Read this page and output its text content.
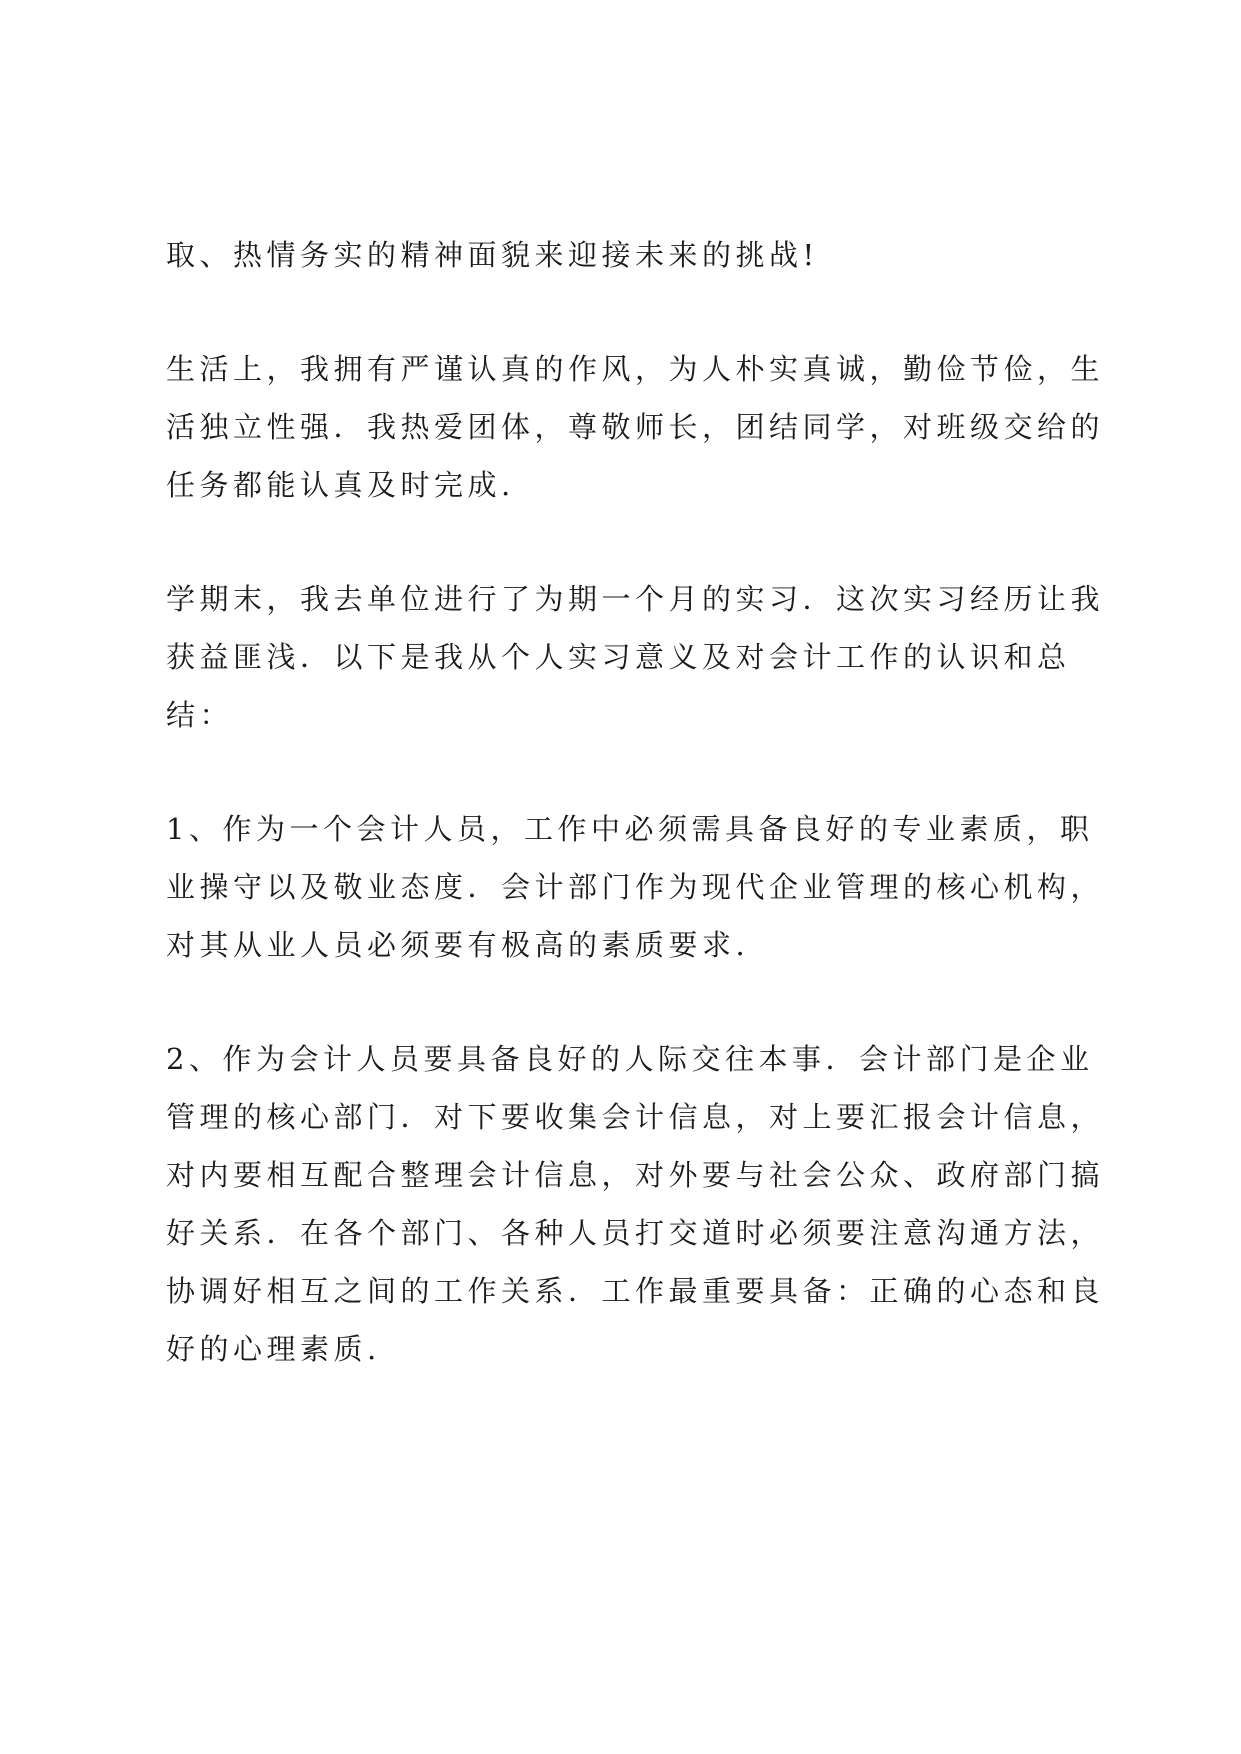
取、热情务实的精神面貌来迎接未来的挑战!

生活上，我拥有严谨认真的作风，为人朴实真诚，勤俭节俭，生
活独立性强．我热爱团体，尊敬师长，团结同学，对班级交给的
任务都能认真及时完成.

学期末，我去单位进行了为期一个月的实习．这次实习经历让我
获益匪浅．以下是我从个人实习意义及对会计工作的认识和总
结：

1、作为一个会计人员，工作中必须需具备良好的专业素质，职
业操守以及敬业态度．会计部门作为现代企业管理的核心机构，
对其从业人员必须要有极高的素质要求.

2、作为会计人员要具备良好的人际交往本事．会计部门是企业
管理的核心部门．对下要收集会计信息，对上要汇报会计信息，
对内要相互配合整理会计信息，对外要与社会公众、政府部门搞
好关系．在各个部门、各种人员打交道时必须要注意沟通方法，
协调好相互之间的工作关系．工作最重要具备：正确的心态和良
好的心理素质.
